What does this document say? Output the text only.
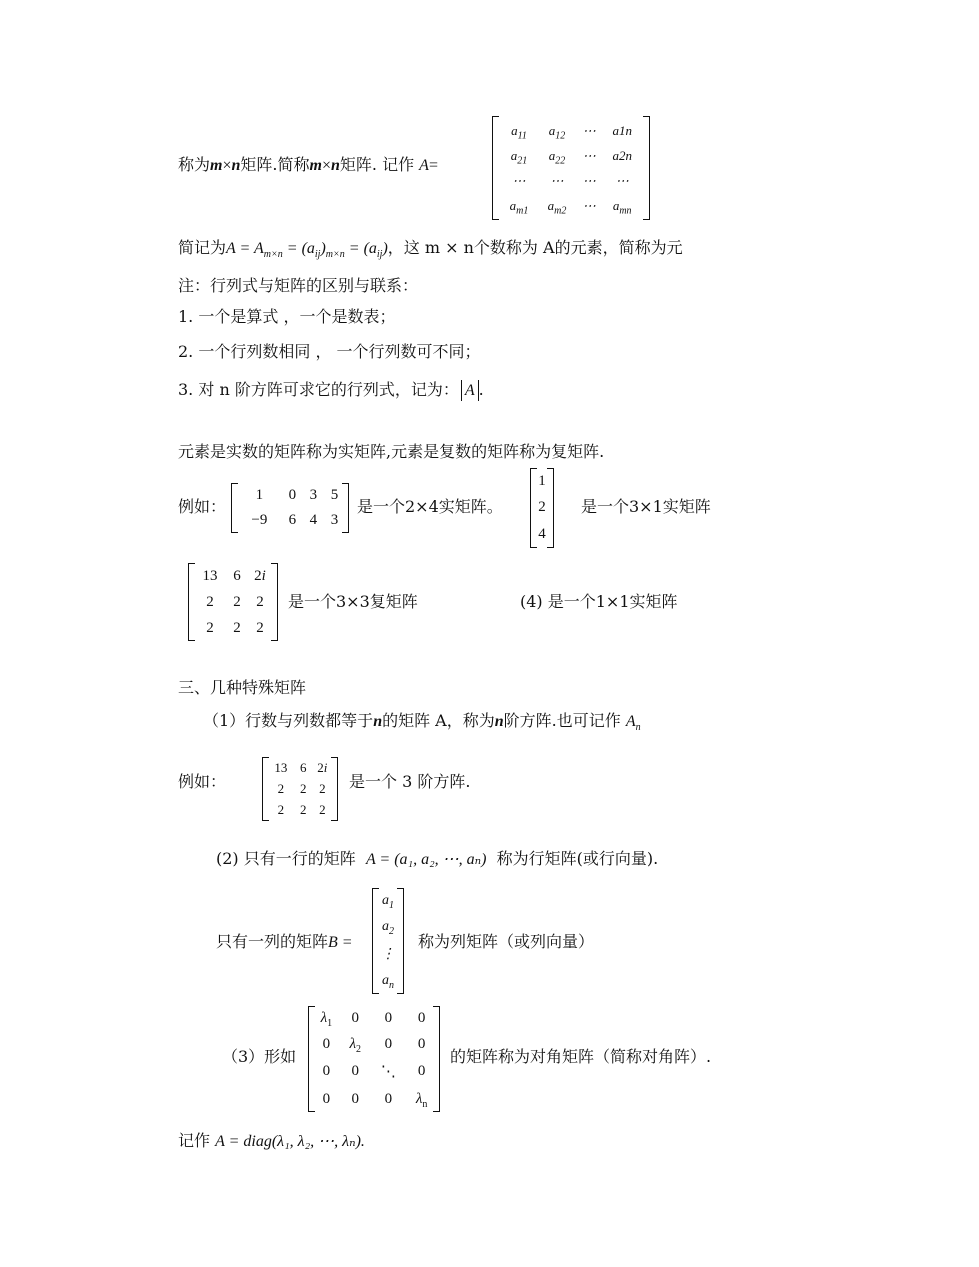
称为m×n矩阵.简称m×n矩阵. 记作 A=
$a_{11}$	$a_{12}$	⋯	a1n
$a_{21}$	$a_{22}$	⋯	a2n
⋯	⋯	⋯	⋯
$a_{m1}$	$a_{m2}$	⋯	$a_{mn}$
简记为$A = A_{m\times n} = (a_{ij})_{m\times n} = (a_{ij})$，这 m × n个数称为 A的元素，简称为元
注：行列式与矩阵的区别与联系：
1. 一个是算式 ，一个是数表；
2. 一个行列数相同 ， 一个行列数可不同；
3. 对 n 阶方阵可求它的行列式，记为： A .
元素是实数的矩阵称为实矩阵,元素是复数的矩阵称为复矩阵.
例如：
1	0	3	5
−9	6	4	3
是一个2×4实矩阵。
1
2
4
是一个3×1实矩阵
13	6	2i
2	2	2
2	2	2
是一个3×3复矩阵	(4) 是一个1×1实矩阵
三、几种特殊矩阵
（1）行数与列数都等于n的矩阵 A，称为n阶方阵.也可记作 $A_n$
例如：
13	6	2i
2	2	2
2	2	2
是一个 3 阶方阵.
(2) 只有一行的矩阵 A = (a₁, a₂, ⋯, aₙ) 称为行矩阵(或行向量).
只有一列的矩阵B =
$a_1$
$a_2$
⋮
$a_n$
称为列矩阵（或列向量）
（3）形如
$\lambda_1$	0	0	0
0	$\lambda_2$	0	0
0	0	⋱	0
0	0	0	$\lambda_n$
的矩阵称为对角矩阵（简称对角阵）.
记作 A = diag(λ₁, λ₂, ⋯, λₙ).
